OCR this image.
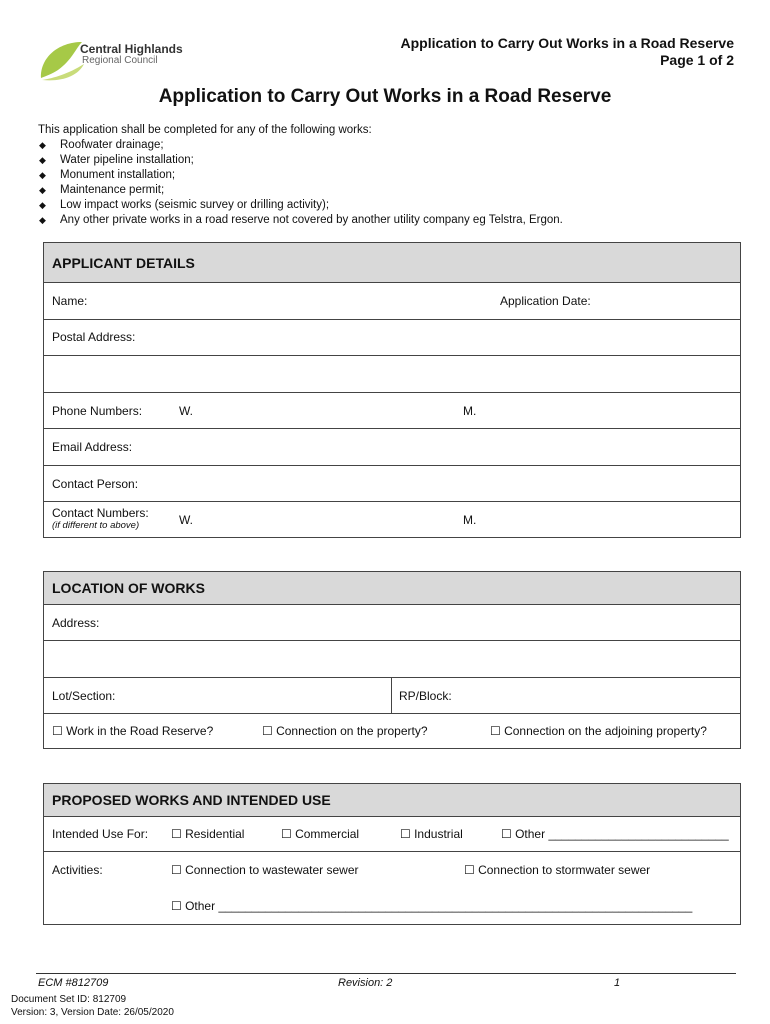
Central Highlands
Regional Council
Application to Carry Out Works in a Road Reserve
Page 1 of 2
Application to Carry Out Works in a Road Reserve
This application shall be completed for any of the following works:
◆ Roofwater drainage;
◆ Water pipeline installation;
◆ Monument installation;
◆ Maintenance permit;
◆ Low impact works (seismic survey or drilling activity);
◆ Any other private works in a road reserve not covered by another utility company eg Telstra, Ergon.
APPLICANT DETAILS
Name:	Application Date:
Postal Address:
Phone Numbers:	W.	M.
Email Address:
Contact Person:
Contact Numbers:
(if different to above)	W.	M.
LOCATION OF WORKS
Address:
Lot/Section:	RP/Block:
☐ Work in the Road Reserve?	☐ Connection on the property?	☐ Connection on the adjoining property?
PROPOSED WORKS AND INTENDED USE
Intended Use For: ☐ Residential	☐ Commercial	☐ Industrial	☐ Other ___________________________
Activities:	☐ Connection to wastewater sewer	☐ Connection to stormwater sewer
☐ Other _______________________________________________________________________
ECM #812709	Revision: 2	1
Document Set ID: 812709
Version: 3, Version Date: 26/05/2020
